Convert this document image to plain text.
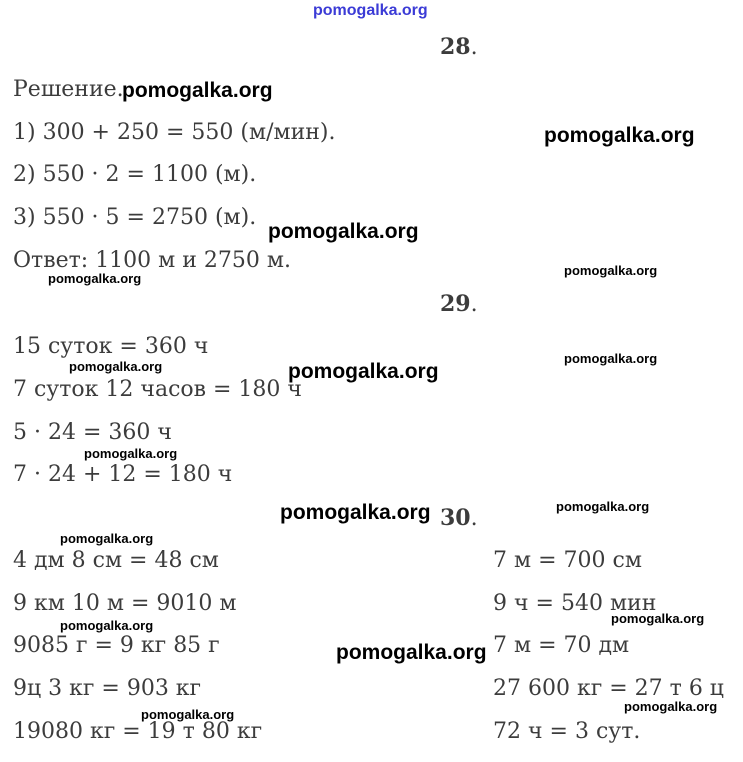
pomogalka.org
28.
Решение.
1) 300 + 250 = 550 (м/мин).
2) 550 · 2 = 1100 (м).
3) 550 · 5 = 2750 (м).
Ответ: 1100 м и 2750 м.
29.
15 суток = 360 ч
7 суток 12 часов = 180 ч
5 · 24 = 360 ч
7 · 24 + 12 = 180 ч
30.
4 дм 8 см = 48 см
9 км 10 м = 9010 м
9085 г = 9 кг 85 г
9ц 3 кг = 903 кг
19080 кг = 19 т 80 кг
7 м = 700 см
9 ч = 540 мин
7 м = 70 дм
27 600 кг = 27 т 6 ц
72 ч = 3 сут.
pomogalka.org
pomogalka.org
pomogalka.org
pomogalka.org
pomogalka.org
pomogalka.org
pomogalka.org	pomogalka.org
pomogalka.org
pomogalka.org
pomogalka.org
pomogalka.org
pomogalka.org
pomogalka.org
pomogalka.org
pomogalka.org
pomogalka.org
